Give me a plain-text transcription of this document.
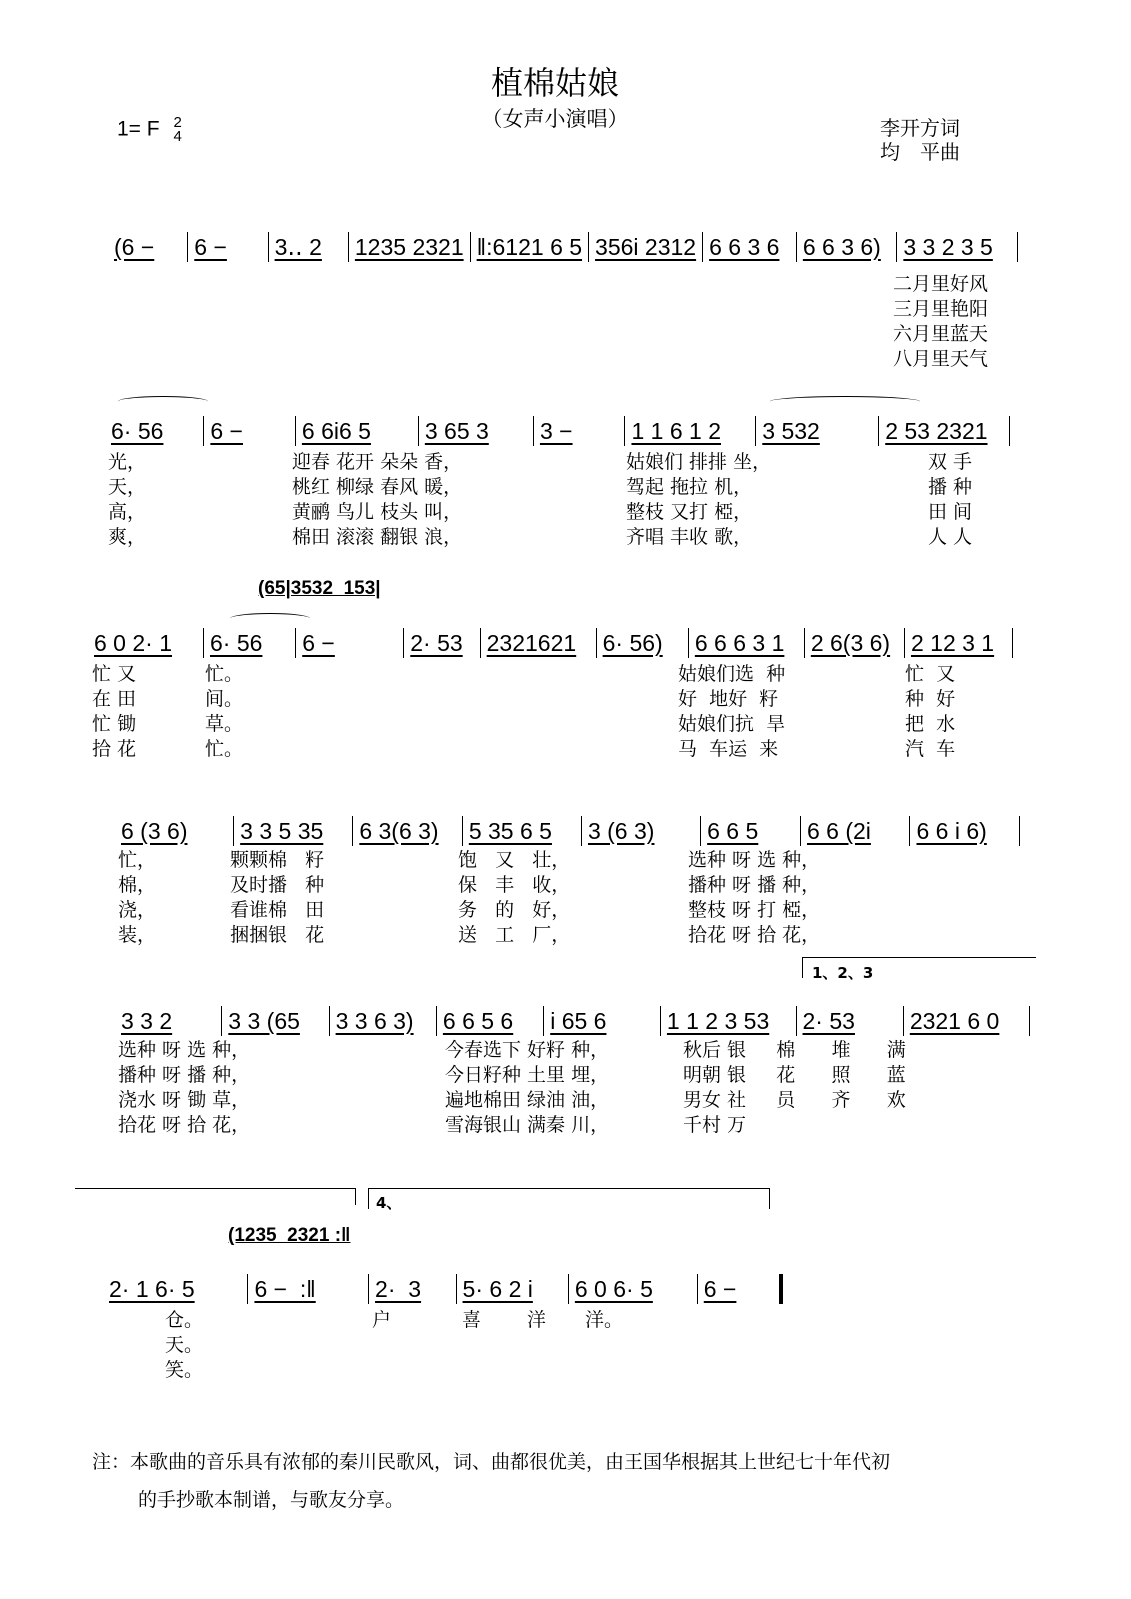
植棉姑娘
（女声小演唱）
1= F 2
4	李开方词
均　平曲
(6 −	6 −	3‥ 2	1235 2321 ‖:6121 6 5 356i 2312 6 6 3 6	6 6 3 6) 3 3 2 3 5
二月里好风
三月里艳阳
六月里蓝天
八月里天气
6· 56	6 −	6 6i6 5	3 65 3	3 −	1 1 6 1 2	3 532	2 53 2321
光，	迎春 花开 朵朵 香，	姑娘们 排排 坐，	双 手
天，	桃红 柳绿 春风 暖，	驾起 拖拉 机，	播 种
高，	黄鹂 鸟儿 枝头 叫，	整枝 又打 椏，	田 间
爽，	棉田 滚滚 翻银 浪，	齐唱 丰收 歌，	人 人
(65|3532  153|
6 0 2· 1	6· 56	6 −	2· 53	2321621	6· 56)	6 6 6 3 1	2 6(3 6) 2 12 3 1
忙 又	忙。	姑娘们选  种	忙  又
在 田	间。	好  地好  籽	种  好
忙 锄	草。	姑娘们抗  旱	把  水
拾 花	忙。	马  车运  来	汽  车
6 (3 6)	3 3 5 35	6 3(6 3)	5 35 6 5	3 (6 3)	6 6 5	6 6 (2i	6 6 i 6)
忙，	颗颗棉   籽	饱   又   壮，	选种 呀 选 种，
棉，	及时播   种	保   丰   收，	播种 呀 播 种，
浇，	看谁棉   田	务   的   好，	整枝 呀 打 椏，
装，	捆捆银   花	送   工   厂，	拾花 呀 拾 花，
1、2、3
3 3 2	3 3 (65	3 3 6 3)	6 6 5 6	i 65 6	1 1 2 3 53	2· 53	2321 6 0
选种 呀 选 种，	今春选下 好籽 种，	秋后 银     棉      堆      满
播种 呀 播 种，	今日籽种 土里 埋，	明朝 银     花      照      蓝
浇水 呀 锄 草，	遍地棉田 绿油 油，	男女 社     员      齐      欢
拾花 呀 拾 花，	雪海银山 满秦 川，	千村 万
4、
(1235  2321 :‖
2· 1 6· 5	6 −  :‖	2·  3	5· 6 2 i	6 0 6· 5	6 −
仓。	户	喜 洋 洋。
天。
笑。
注：本歌曲的音乐具有浓郁的秦川民歌风，词、曲都很优美，由王国华根据其上世纪七十年代初
的手抄歌本制谱，与歌友分享。
